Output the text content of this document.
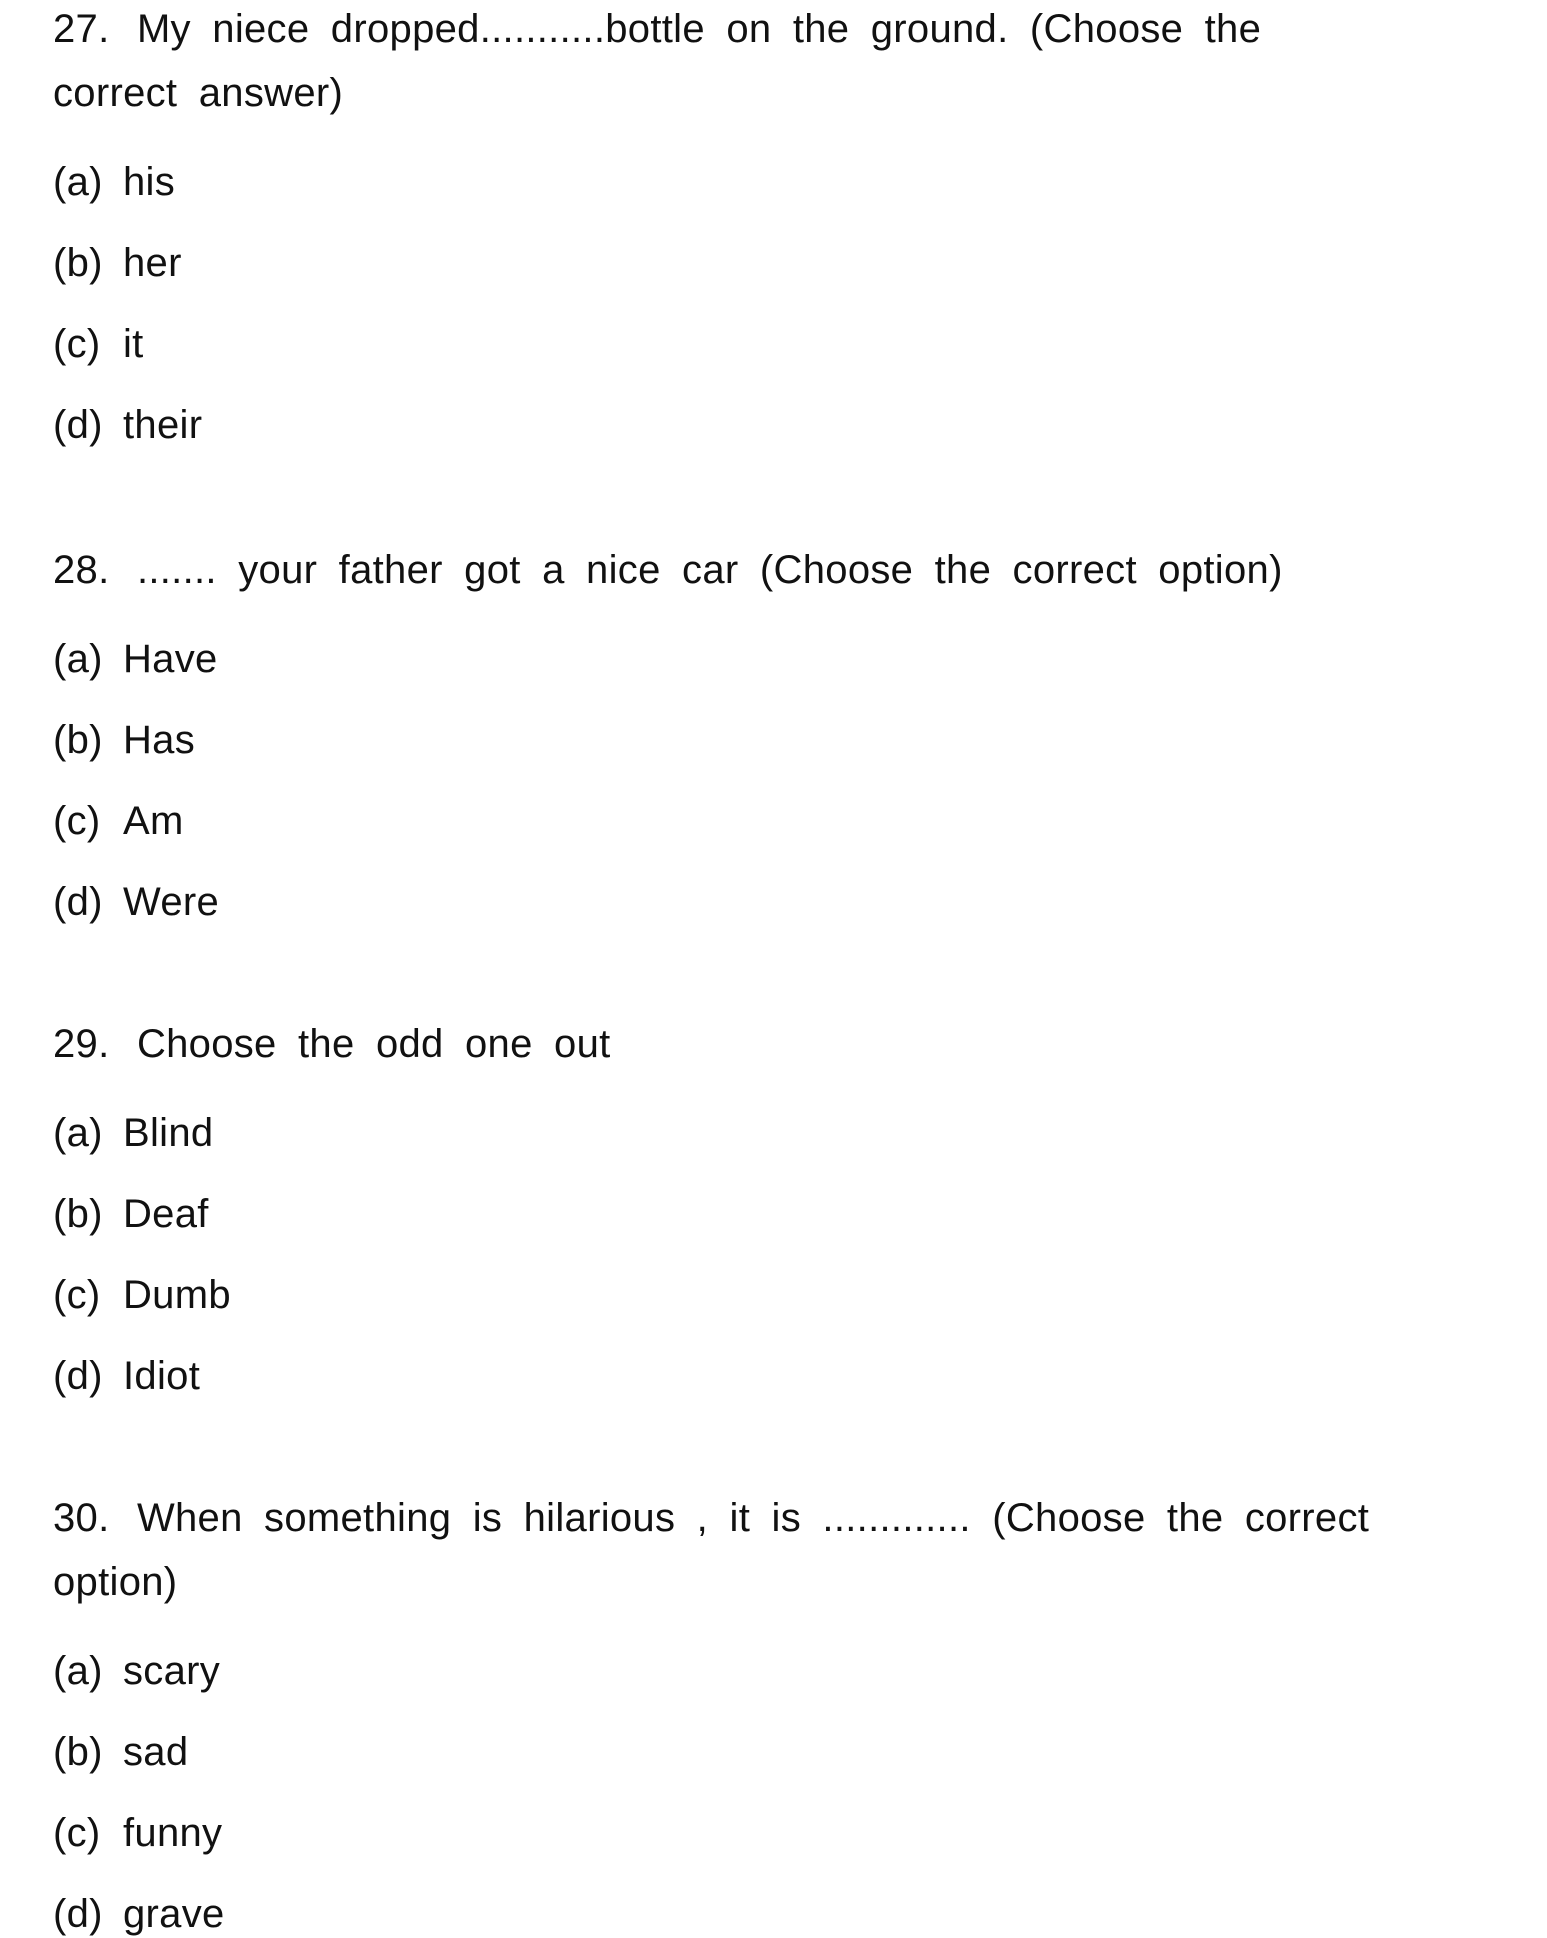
27. My niece dropped...........bottle on the ground. (Choose the correct answer)

(a) his
(b) her
(c) it
(d) their

28. ....... your father got a nice car (Choose the correct option)

(a) Have
(b) Has
(c) Am
(d) Were

29. Choose the odd one out

(a) Blind
(b) Deaf
(c) Dumb
(d) Idiot

30. When something is hilarious , it is ............. (Choose the correct option)

(a) scary
(b) sad
(c) funny
(d) grave
